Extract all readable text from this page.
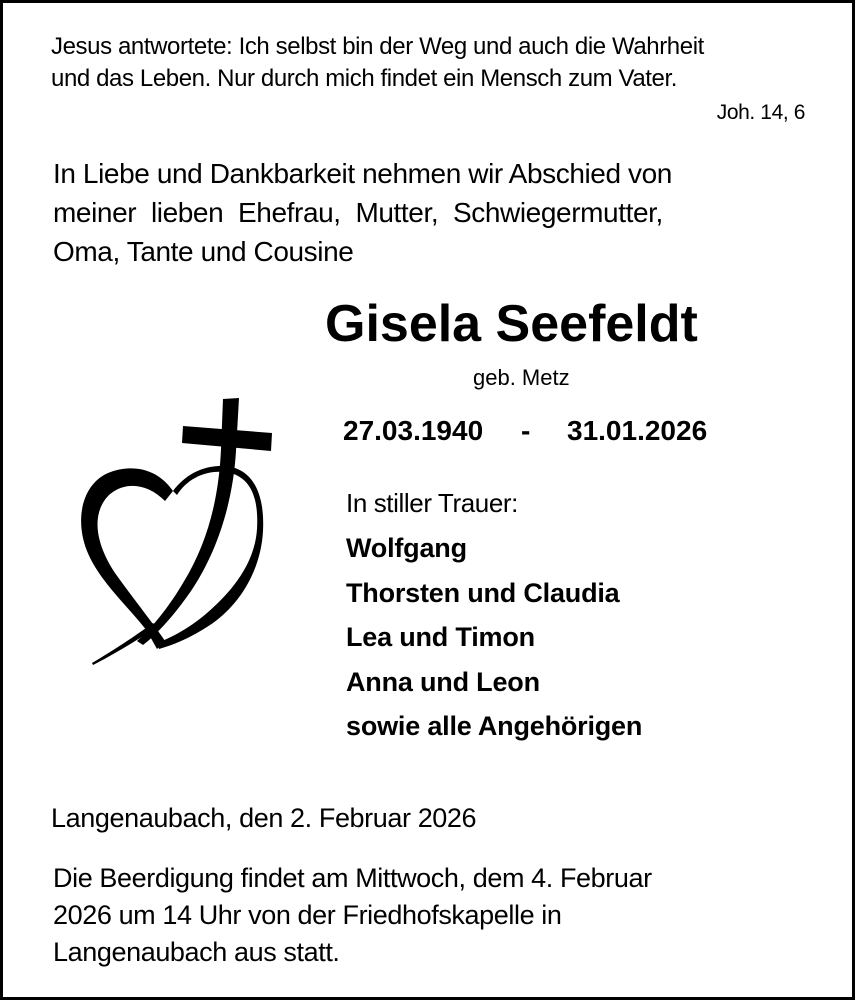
Jesus antwortete: Ich selbst bin der Weg und auch die Wahrheit
und das Leben. Nur durch mich findet ein Mensch zum Vater.
Joh. 14, 6
In Liebe und Dankbarkeit nehmen wir Abschied von
meiner  lieben  Ehefrau,  Mutter,  Schwiegermutter,
Oma, Tante und Cousine
Gisela Seefeldt
geb. Metz
27.03.1940 - 31.01.2026
In stiller Trauer:
Wolfgang
Thorsten und Claudia
Lea und Timon
Anna und Leon
sowie alle Angehörigen
Langenaubach, den 2. Februar 2026
Die Beerdigung findet am Mittwoch, dem 4. Februar
2026 um 14 Uhr von der Friedhofskapelle in
Langenaubach aus statt.
